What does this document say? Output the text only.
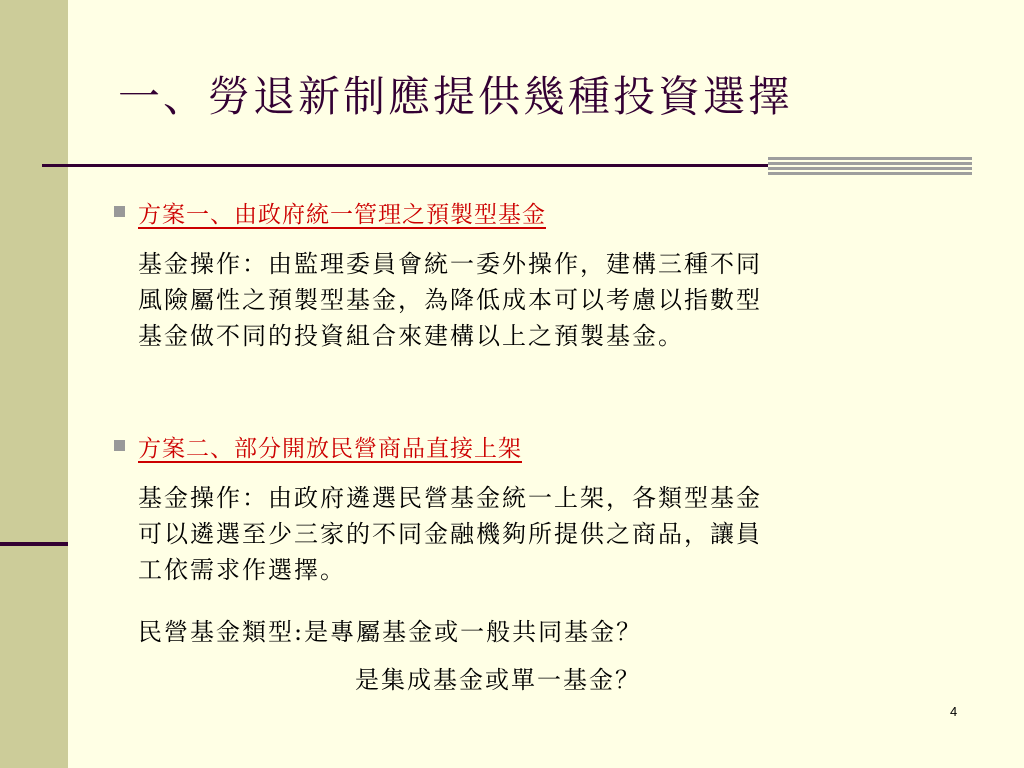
一、勞退新制應提供幾種投資選擇
方案一、由政府統一管理之預製型基金
基金操作：由監理委員會統一委外操作，建構三種不同
風險屬性之預製型基金，為降低成本可以考慮以指數型
基金做不同的投資組合來建構以上之預製基金。
方案二、部分開放民營商品直接上架
基金操作：由政府遴選民營基金統一上架，各類型基金
可以遴選至少三家的不同金融機夠所提供之商品，讓員
工依需求作選擇。
民營基金類型:是專屬基金或一般共同基金？
是集成基金或單一基金？
4
